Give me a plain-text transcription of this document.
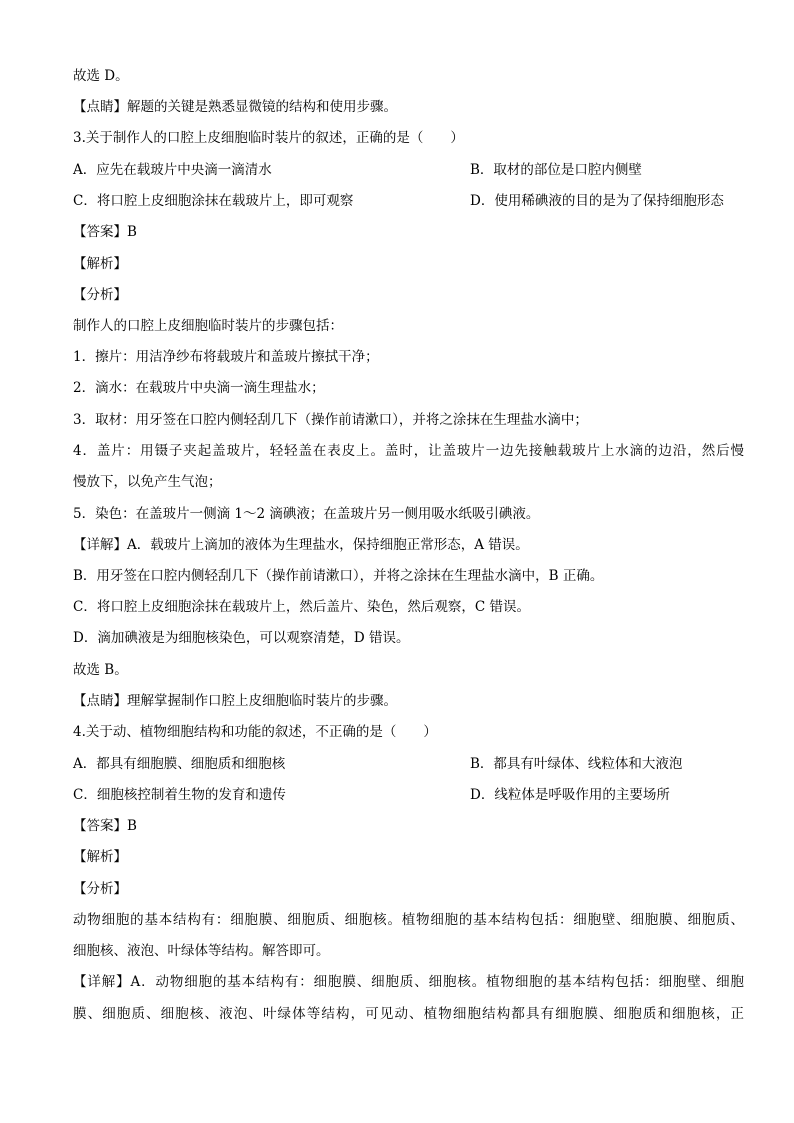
故选 D。
【点睛】解题的关键是熟悉显微镜的结构和使用步骤。
3.关于制作人的口腔上皮细胞临时装片的叙述，正确的是（　　）
A．应先在载玻片中央滴一滴清水	B．取材的部位是口腔内侧壁
C．将口腔上皮细胞涂抹在载玻片上，即可观察	D．使用稀碘液的目的是为了保持细胞形态
【答案】B
【解析】
【分析】
制作人的口腔上皮细胞临时装片的步骤包括：
1．擦片：用洁净纱布将载玻片和盖玻片擦拭干净；
2．滴水：在载玻片中央滴一滴生理盐水；
3．取材：用牙签在口腔内侧轻刮几下（操作前请漱口），并将之涂抹在生理盐水滴中；
4．盖片：用镊子夹起盖玻片，轻轻盖在表皮上。盖时，让盖玻片一边先接触载玻片上水滴的边沿，然后慢
慢放下，以免产生气泡；
5．染色：在盖玻片一侧滴 1～2 滴碘液；在盖玻片另一侧用吸水纸吸引碘液。
【详解】A．载玻片上滴加的液体为生理盐水，保持细胞正常形态，A 错误。
B．用牙签在口腔内侧轻刮几下（操作前请漱口），并将之涂抹在生理盐水滴中，B 正确。
C．将口腔上皮细胞涂抹在载玻片上，然后盖片、染色，然后观察，C 错误。
D．滴加碘液是为细胞核染色，可以观察清楚，D 错误。
故选 B。
【点睛】理解掌握制作口腔上皮细胞临时装片的步骤。
4.关于动、植物细胞结构和功能的叙述，不正确的是（　　）
A．都具有细胞膜、细胞质和细胞核	B．都具有叶绿体、线粒体和大液泡
C．细胞核控制着生物的发育和遗传	D．线粒体是呼吸作用的主要场所
【答案】B
【解析】
【分析】
动物细胞的基本结构有：细胞膜、细胞质、细胞核。植物细胞的基本结构包括：细胞壁、细胞膜、细胞质、
细胞核、液泡、叶绿体等结构。解答即可。
【详解】A．动物细胞的基本结构有：细胞膜、细胞质、细胞核。植物细胞的基本结构包括：细胞壁、细胞
膜、细胞质、细胞核、液泡、叶绿体等结构，可见动、植物细胞结构都具有细胞膜、细胞质和细胞核，正
